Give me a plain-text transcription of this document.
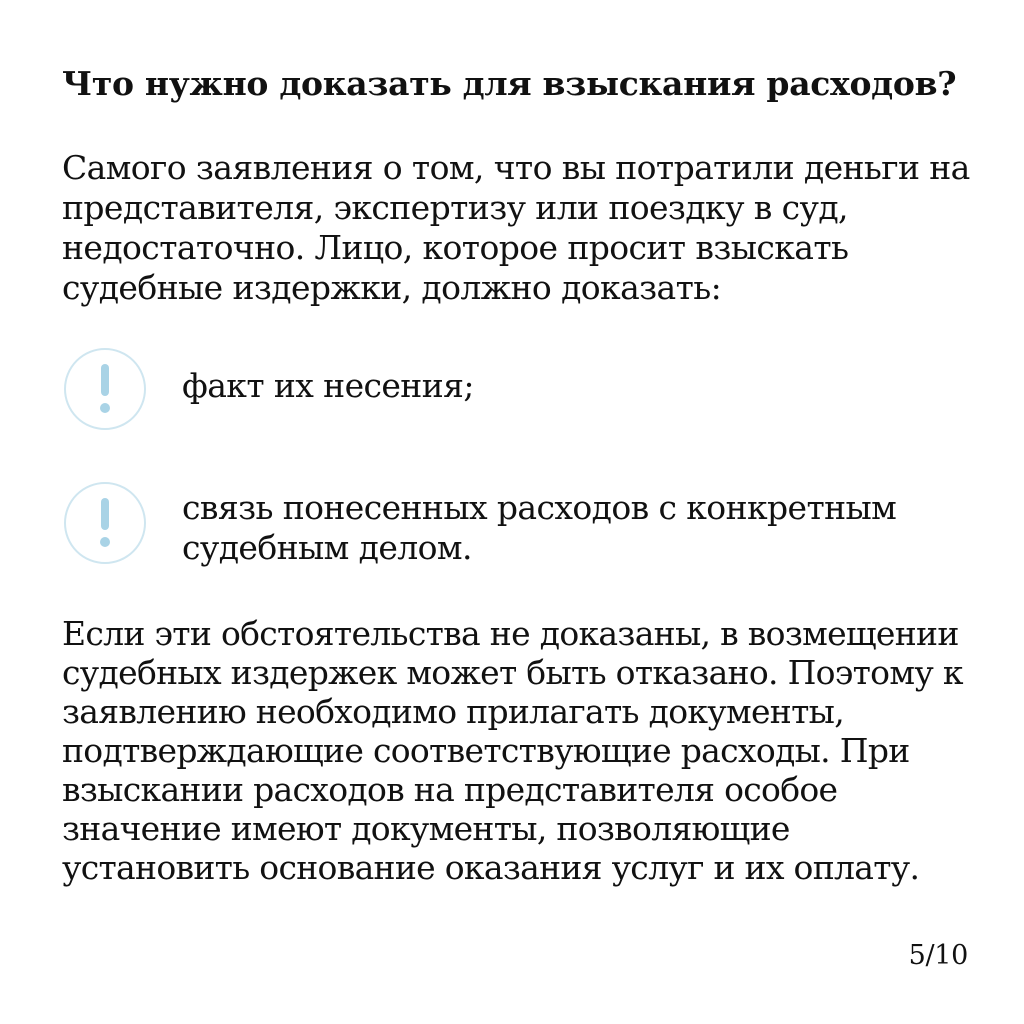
Что нужно доказать для взыскания расходов?

Самого заявления о том, что вы потратили деньги на представителя, экспертизу или поездку в суд, недостаточно. Лицо, которое просит взыскать судебные издержки, должно доказать:

факт их несения;
связь понесенных расходов с конкретным судебным делом.

Если эти обстоятельства не доказаны, в возмещении судебных издержек может быть отказано. Поэтому к заявлению необходимо прилагать документы, подтверждающие соответствующие расходы. При взыскании расходов на представителя особое значение имеют документы, позволяющие установить основание оказания услуг и их оплату.

5/10
